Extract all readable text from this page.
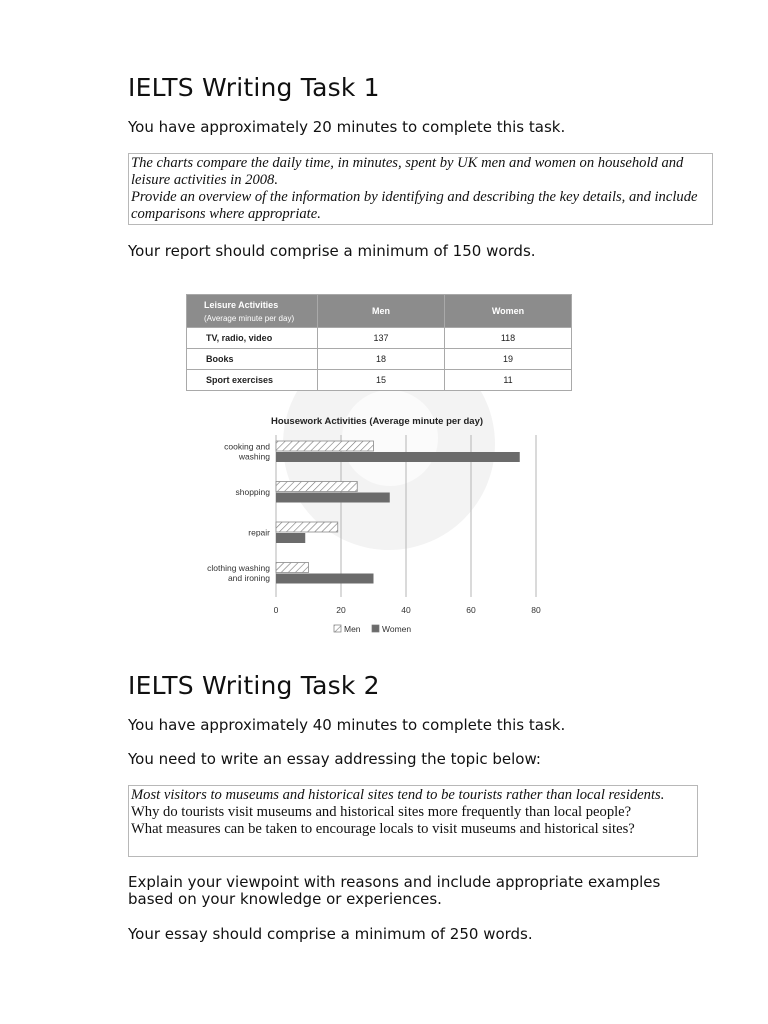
IELTS Writing Task 1

You have approximately 20 minutes to complete this task.

The charts compare the daily time, in minutes, spent by UK men and women on household and leisure activities in 2008.
Provide an overview of the information by identifying and describing the key details, and include comparisons where appropriate.

Your report should comprise a minimum of 150 words.

Leisure Activities
(Average minute per day)	Men	Women
TV, radio, video	137	118
Books	18	19
Sport exercises	15	11
Housework Activities (Average minute per day)
cooking and
washing
shopping
repair
clothing washing
and ironing
0	20	40	60	80
Men	Women
IELTS Writing Task 2

You have approximately 40 minutes to complete this task.

You need to write an essay addressing the topic below:

Most visitors to museums and historical sites tend to be tourists rather than local residents.
Why do tourists visit museums and historical sites more frequently than local people?
What measures can be taken to encourage locals to visit museums and historical sites?

Explain your viewpoint with reasons and include appropriate examples based on your knowledge or experiences.

Your essay should comprise a minimum of 250 words.
